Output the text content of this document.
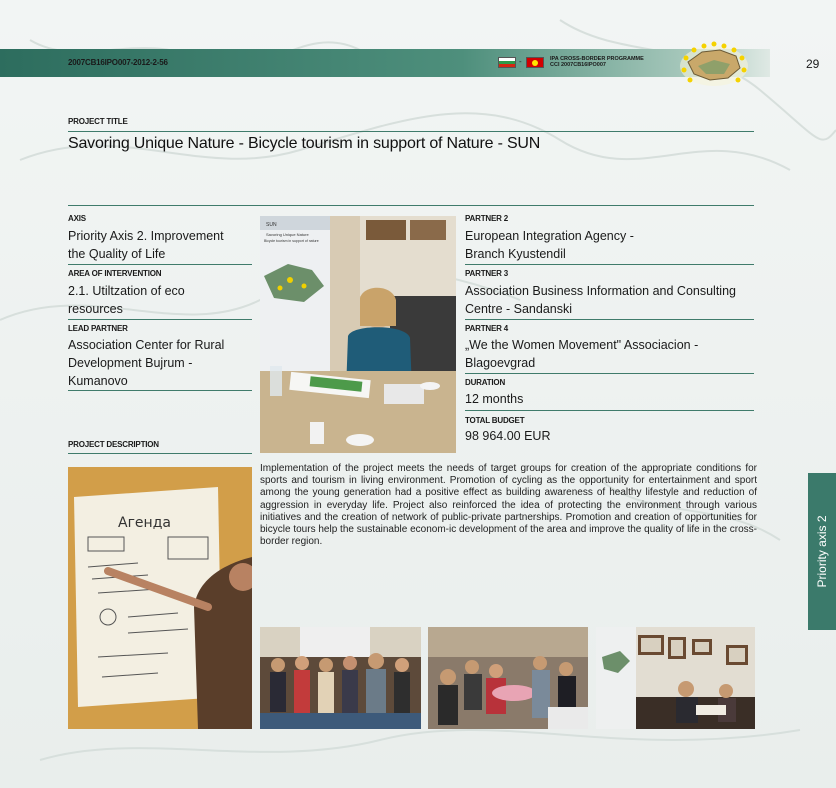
2007CB16IPO007-2012-2-56	-	IPA CROSS-BORDER PROGRAMME
CCI 2007CB16IPO007	29
PROJECT TITLE
Savoring Unique Nature - Bicycle tourism in support of Nature - SUN
AXIS
Priority Axis 2. Improvement
the Quality of Life
AREA OF INTERVENTION
2.1. Utiltzation of eco
resources
LEAD PARTNER
Association Center for Rural
Development Bujrum -
Kumanovo
PROJECT DESCRIPTION
SUN
Savoring Unique Nature
Bicycle tourism in support of nature
PARTNER 2
European Integration Agency -
Branch Kyustendil
PARTNER 3
Association Business Information and Consulting
Centre - Sandanski
PARTNER 4
„We the Women Movement" Associacion -
Blagoevgrad
DURATION
12 months
TOTAL BUDGET
98 964.00 EUR
Агенда
Implementation of the project meets the needs of target groups for creation of the appropriate conditions for sports and tourism in living environment. Promotion of cycling as the opportunity for entertainment and sport among the young generation had a positive effect as building awareness of healthy lifestyle and reduction of aggression in everyday life. Project also reinforced the idea of protecting the environment through various initiatives and the creation of network of public-private partnerships. Promotion and creation of opportunities for bicycle tours help the sustainable econom-ic development of the area and improve the quality of life in the cross-border region.	Priority axis 2
